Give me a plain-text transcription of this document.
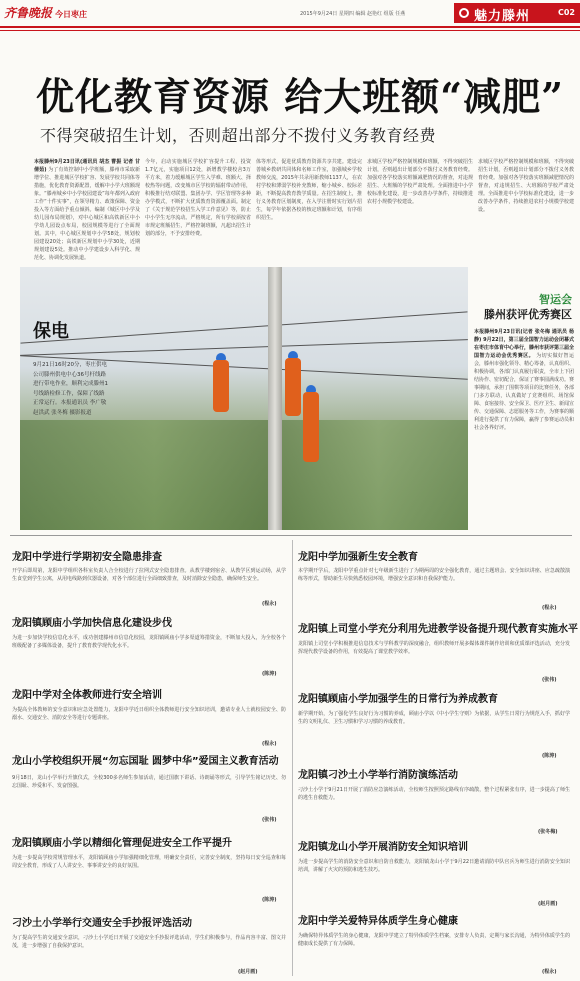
齐鲁晚报 今日枣庄	2015年9月24日 星期四 编辑 赵艳红 组版 任燕	魅力滕州	C02
优化教育资源 给大班额“减肥”
不得突破招生计划，否则超出部分不拨付义务教育经费
本报滕州9月23日讯(通讯员 胡杰 曹振 记者 甘倩茹) 为了有效控制中小学班额，滕州市采取新增学位、推进城区学校扩容、发展学校共同体等措施，优化教育资源配置，缓解中小学大班额现象。“滕州城乡中小学校园建设”每年都列入政府工作“十件实事”，在领导精力、政策保障、资金投入等方面给予重点倾斜。编制《城区中小学及幼儿园布局规划》，对中心城区和高铁新区中小学幼儿园设点布局，校园规模等进行了全面规划。其中，中心城区规划中小学58处，规划校园建设20处；高铁新区规划中小学30处，近期规划建设5处。推动中小学建设步入科学化、规范化、协调化发展轨道。
今年，启动实施城区学校扩容提升工程，投资1.7亿元，实施项目12处，新增教学楼校舍3万平方米，着力缓解城区学生入学难、班额大、择校热等问题，改变城市区学校的辐射带动作用，积极推行结对联盟、集团办学、学区管理等多种办学模式，不断扩大优质教育资源覆盖面。制定了《关于规范学校招生入学工作意见》等，防止中小学生无序流动。严格规定，所有学校须按省市规定班额招生，严格控制班额，凡超出招生计划的部分，不予安排经费。
体等形式，促进优质教育资源共享共建。建设完善城乡教研共同体和名师工作室，加强城乡学校教师交流，2015年共录用新教师1137人，在农村学校和薄弱学校补充教师，缩小城乡、校际差距，不断提高教育教学质量。在招生制度上，推行义务教育区划制度，在入学注册时实行划片招生，每学年依据各校的核定班额和计划，有序组织招生。
求城区学校严格控制规模和班额，不得突破招生计划，否则超出计划部分不拨付义务教育经费。加强对各学校落实班额减肥情况的督查，对违规招生、大班额的学校严肃处理。全面推进中小学校标准化建设，进一步改善办学条件，持续推进农村小规模学校建设。
求城区学校严格控制规模和班额，不得突破招生计划，否则超出计划部分不拨付义务教育经费。加强对各学校落实班额减肥情况的督查，对违规招生、大班额的学校严肃处理。全面推进中小学校标准化建设，进一步改善办学条件，持续推进农村小规模学校建设。
保电
9月21日16时20分，枣庄供电公司滕州供电中心36号杆线路进行带电作业，顺利完成滕州1号线路检修工作，保障了线路正常运行。本报通讯员 李广敬 赵洪武 张冬梅 摄影报道
智运会
滕州获评优秀赛区
本报滕州9月23日讯(记者 张冬梅 通讯员 杨静) 9月22日，第三届全国智力运动会闭幕式在枣庄市体育中心举行，滕州市获评第三届全国智力运动会优秀赛区。 为切实做好智运会，滕州市强化领导、精心筹备，认真组织、积极协调，各部门认真履行职责，全市上下团结协作、密切配合，保证了赛事圆满成功。赛事期间，承担了围棋等项目的比赛任务，各部门多方联动，认真做好了竞赛组织、场馆保障、食宿接待、安全保卫、医疗卫生、新闻宣传、交通保障、志愿服务等工作，为赛事的顺利进行提供了有力保障，赢得了参赛运动员和社会各界好评。
龙阳中学进行学期初安全隐患排查
开学后即周第，龙阳中学组织各科室负责人合全校进行了拉网式安全隐患排查。从教学楼到宿舍、从教学区到运动场，从学生食堂到学生公寓，从用电线路到仪器设备，对各个部位进行全面细致排查，及时消除安全隐患，确保师生安全。
(程永)
龙阳镇顾庙小学加快信息化建设步伐
为进一步加快学校信息化水平，成功创建滕州市信息化校园，龙阳镇顾庙小学多渠道筹措资金，不断加大投入，为全校各个班级配备了多媒体设备，提升了教育教学现代化水平。
(陈涛)
龙阳中学对全体教师进行安全培训
为提高全体教师的安全意识和应急处置能力，龙阳中学近日组织全体教师进行安全知识培训，邀请专业人士就校园安全、防溺水、交通安全、消防安全等进行专题讲座。
(程永)
龙山小学校组织开展“勿忘国耻 圆梦中华”爱国主义教育活动
9月18日，龙山小学举行升旗仪式，全校300多名师生参加活动，通过国旗下讲话、诗朗诵等形式，引导学生铭记历史、勿忘国耻、珍爱和平、发奋图强。
(张伟)
龙阳镇顾庙小学以精细化管理促进安全工作平提升
为进一步提高学校常规管理水平，龙阳镇顾庙小学加强精细化管理，明确安全责任，完善安全制度，坚持每日安全巡查和每周安全教育，形成了人人讲安全、事事讲安全的良好氛围。
(陈涛)
刁沙土小学举行交通安全手抄报评选活动
为了提高学生的交通安全意识，刁沙土小学近日开展了交通安全手抄报评选活动，学生们积极参与，作品内容丰富、图文并茂，进一步增强了自我保护意识。
(赵月画)
龙阳中学加强新生安全教育
本学期开学后，龙阳中学重点针对七年级新生进行了为期两周的安全强化教育，通过主题班会、安全知识讲座、应急疏散演练等形式，帮助新生尽快熟悉校园环境，增强安全意识和自我保护能力。
(程永)
龙阳镇上司堂小学充分利用先进教学设备提升现代教育实施水平
龙阳镇上司堂小学积极推进信息技术与学科教学的深度融合，组织教师开展多媒体课件制作培训和优质课评选活动，充分发挥现代教学设备的作用，有效提高了课堂教学效率。
(张伟)
龙阳镇顾庙小学加强学生的日常行为养成教育
新学期开始，为了强化学生良好行为习惯的养成，顾庙小学以《中小学生守则》为依据，从学生日常行为规范入手，抓好学生的文明礼仪、卫生习惯和学习习惯的养成教育。
(陈涛)
龙阳镇刁沙土小学举行消防演练活动
刁沙土小学于9月21日开展了消防应急演练活动，全校师生按照预定路线有序疏散，整个过程紧张有序，进一步提高了师生的逃生自救能力。
(张冬梅)
龙阳镇龙山小学开展消防安全知识培训
为进一步提高学生的消防安全意识和自防自救能力，龙阳镇龙山小学于9月22日邀请消防中队官兵为师生进行消防安全知识培训，讲解了火灾的预防和逃生技巧。
(赵月画)
龙阳中学关爱特异体质学生身心健康
为确保特异体质学生的身心健康，龙阳中学建立了特异体质学生档案，安排专人负责，定期与家长沟通，为特异体质学生的健康成长提供了有力保障。
(程永)
